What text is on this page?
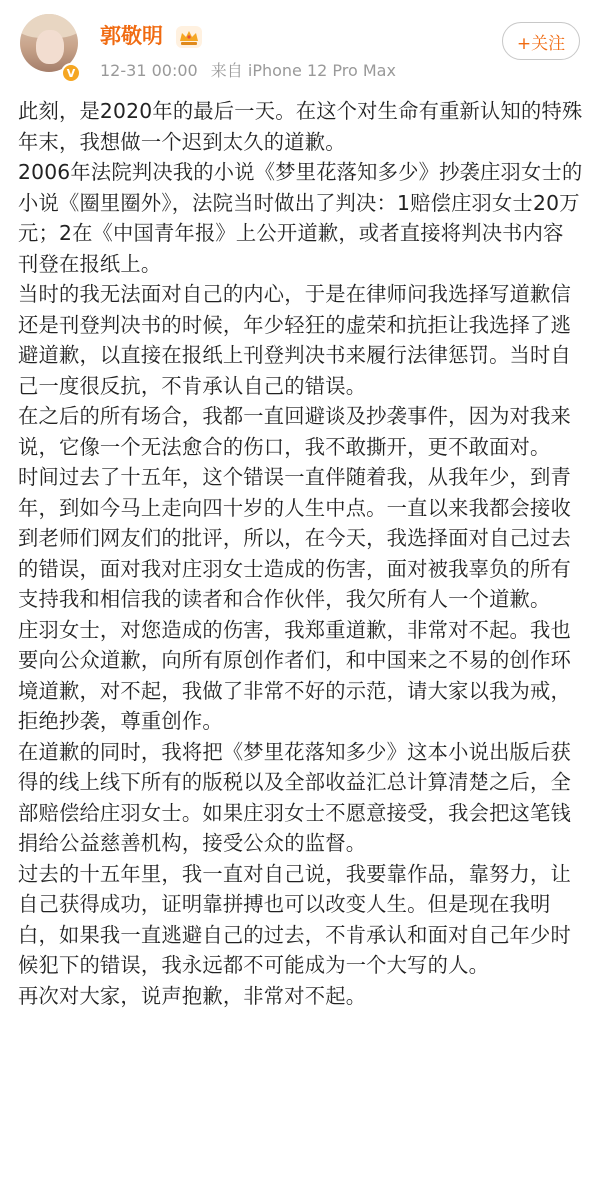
V
郭敬明
12-31 00:00 来自 iPhone 12 Pro Max
+关注

此刻，是2020年的最后一天。在这个对生命有重新认知的特殊年末，我想做一个迟到太久的道歉。

2006年法院判决我的小说《梦里花落知多少》抄袭庄羽女士的小说《圈里圈外》，法院当时做出了判决：1赔偿庄羽女士20万元；2在《中国青年报》上公开道歉，或者直接将判决书内容刊登在报纸上。

当时的我无法面对自己的内心，于是在律师问我选择写道歉信还是刊登判决书的时候，年少轻狂的虚荣和抗拒让我选择了逃避道歉，以直接在报纸上刊登判决书来履行法律惩罚。当时自己一度很反抗，不肯承认自己的错误。

在之后的所有场合，我都一直回避谈及抄袭事件，因为对我来说，它像一个无法愈合的伤口，我不敢撕开，更不敢面对。

时间过去了十五年，这个错误一直伴随着我，从我年少，到青年，到如今马上走向四十岁的人生中点。一直以来我都会接收到老师们网友们的批评，所以，在今天，我选择面对自己过去的错误，面对我对庄羽女士造成的伤害，面对被我辜负的所有支持我和相信我的读者和合作伙伴，我欠所有人一个道歉。

庄羽女士，对您造成的伤害，我郑重道歉，非常对不起。我也要向公众道歉，向所有原创作者们，和中国来之不易的创作环境道歉，对不起，我做了非常不好的示范，请大家以我为戒，拒绝抄袭，尊重创作。

在道歉的同时，我将把《梦里花落知多少》这本小说出版后获得的线上线下所有的版税以及全部收益汇总计算清楚之后，全部赔偿给庄羽女士。如果庄羽女士不愿意接受，我会把这笔钱捐给公益慈善机构，接受公众的监督。

过去的十五年里，我一直对自己说，我要靠作品，靠努力，让自己获得成功，证明靠拼搏也可以改变人生。但是现在我明白，如果我一直逃避自己的过去，不肯承认和面对自己年少时候犯下的错误，我永远都不可能成为一个大写的人。

再次对大家，说声抱歉，非常对不起。
